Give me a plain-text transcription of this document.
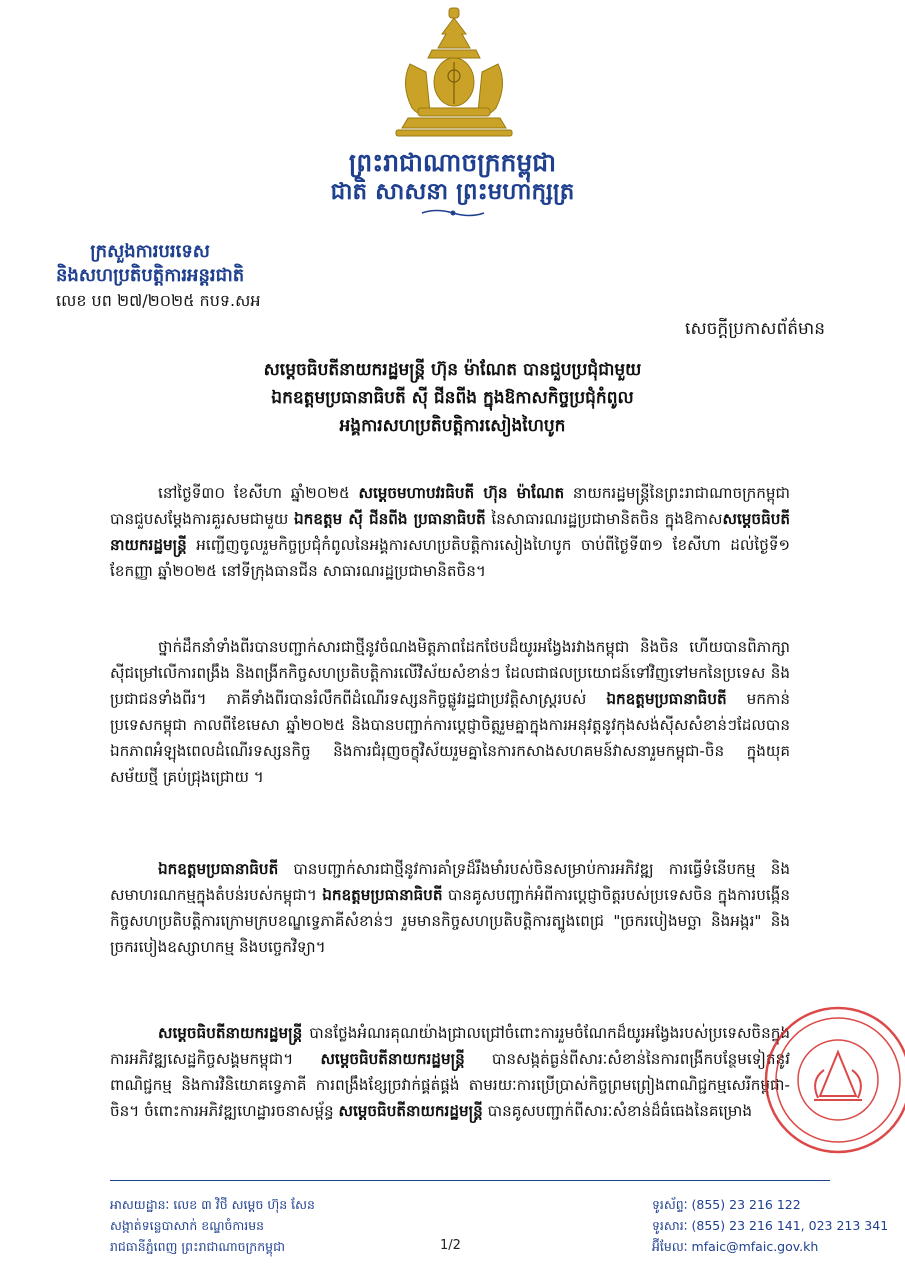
ព្រះរាជាណាចក្រកម្ពុជា
ជាតិ សាសនា ព្រះមហាក្សត្រ
ក្រសួងការបរទេស
និងសហប្រតិបត្តិការអន្តរជាតិ
លេខ បព ២៧/២០២៥ កបទ.សអ
សេចក្តីប្រកាសព័ត៌មាន
សម្តេចធិបតីនាយករដ្ឋមន្ត្រី ហ៊ុន ម៉ាណែត បានជួបប្រជុំជាមួយ
ឯកឧត្តមប្រធានាធិបតី ស៊ី ជីនពីង ក្នុងឱកាសកិច្ចប្រជុំកំពូល
អង្គការសហប្រតិបត្តិការសៀងហៃបូក
នៅថ្ងៃទី៣០ ខែសីហា ឆ្នាំ២០២៥ សម្តេចមហាបវរធិបតី ហ៊ុន ម៉ាណែត នាយករដ្ឋមន្ត្រីនៃព្រះរាជាណាចក្រកម្ពុជា បានជួបសម្តែងការគួរសមជាមួយ ឯកឧត្តម ស៊ី ជីនពីង ប្រធានាធិបតី នៃសាធារណរដ្ឋប្រជាមានិតចិន ក្នុងឱកាសសម្តេចធិបតីនាយករដ្ឋមន្ត្រី អញ្ជើញចូលរួមកិច្ចប្រជុំកំពូលនៃអង្គការសហប្រតិបត្តិការសៀងហៃបូក ចាប់ពីថ្ងៃទី៣១ ខែសីហា ដល់ថ្ងៃទី១ ខែកញ្ញា ឆ្នាំ២០២៥ នៅទីក្រុងធានជីន សាធារណរដ្ឋប្រជាមានិតចិន។
ថ្នាក់ដឹកនាំទាំងពីរបានបញ្ជាក់សារជាថ្មីនូវចំណងមិត្តភាពដែកថែបដ៏យូរអង្វែងរវាងកម្ពុជា និងចិន ហើយបានពិភាក្សាស៊ីជម្រៅលើការពង្រឹង និងពង្រីកកិច្ចសហប្រតិបត្តិការលើវិស័យសំខាន់ៗ ដែលជាផលប្រយោជន៍ទៅវិញទៅមកនៃប្រទេស និងប្រជាជនទាំងពីរ។ ភាគីទាំងពីរបានរំលឹកពីដំណើរទស្សនកិច្ចផ្លូវរដ្ឋជាប្រវត្តិសាស្ត្ររបស់ ឯកឧត្តមប្រធានាធិបតី មកកាន់ប្រទេសកម្ពុជា កាលពីខែមេសា ឆ្នាំ២០២៥ និងបានបញ្ជាក់ការប្តេជ្ញាចិត្តរួមគ្នាក្នុងការអនុវត្តនូវកុងសង់ស៊ីសសំខាន់ៗដែលបានឯកភាពអំឡុងពេលដំណើរទស្សនកិច្ច និងការជំរុញចក្ខុវិស័យរួមគ្នានៃការកសាងសហគមន៍វាសនារួមកម្ពុជា-ចិន ក្នុងយុគសម័យថ្មី គ្រប់ជ្រុងជ្រោយ ។
ឯកឧត្តមប្រធានាធិបតី បានបញ្ជាក់សារជាថ្មីនូវការគាំទ្រដ៏រឹងមាំរបស់ចិនសម្រាប់ការអភិវឌ្ឍ ការធ្វើទំនើបកម្ម និងសមាហរណកម្មក្នុងតំបន់របស់កម្ពុជា។ ឯកឧត្តមប្រធានាធិបតី បានគូសបញ្ជាក់អំពីការប្តេជ្ញាចិត្តរបស់ប្រទេសចិន ក្នុងការបង្កើនកិច្ចសហប្រតិបត្តិការក្រោមក្របខណ្ឌទ្វេភាគីសំខាន់ៗ រួមមានកិច្ចសហប្រតិបត្តិការត្បូងពេជ្រ "ច្រករបៀងមច្ឆា និងអង្ករ" និងច្រករបៀងឧស្សាហកម្ម និងបច្ចេកវិទ្យា។
សម្តេចធិបតីនាយករដ្ឋមន្ត្រី បានថ្លែងអំណរគុណយ៉ាងជ្រាលជ្រៅចំពោះការរួមចំណែកដ៏យូរអង្វែងរបស់ប្រទេសចិនក្នុងការអភិវឌ្ឍសេដ្ឋកិច្ចសង្គមកម្ពុជា។ សម្តេចធិបតីនាយករដ្ឋមន្ត្រី បានសង្កត់ធ្ងន់ពីសារៈសំខាន់នៃការពង្រីកបន្ថែមទៀតនូវពាណិជ្ជកម្ម និងការវិនិយោគទ្វេភាគី ការពង្រឹងខ្សែច្រវាក់ផ្គត់ផ្គង់ តាមរយៈការប្រើប្រាស់កិច្ចព្រមព្រៀងពាណិជ្ជកម្មសេរីកម្ពុជា-ចិន។ ចំពោះការអភិវឌ្ឍហេដ្ឋារចនាសម្ព័ន្ធ សម្តេចធិបតីនាយករដ្ឋមន្ត្រី បានគូសបញ្ជាក់ពីសារៈសំខាន់ដ៏ធំធេងនៃគម្រោង
អាសយដ្ឋានៈ លេខ ៣ វិថី សម្តេច ហ៊ុន សែន
សង្កាត់ទន្លេបាសាក់ ខណ្ឌចំការមន
រាជធានីភ្នំពេញ ព្រះរាជាណាចក្រកម្ពុជា
ទូរស័ព្ទៈ (855) 23 216 122
ទូរសារៈ (855) 23 216 141, 023 213 341
អ៊ីមែលៈ mfaic@mfaic.gov.kh
1/2
